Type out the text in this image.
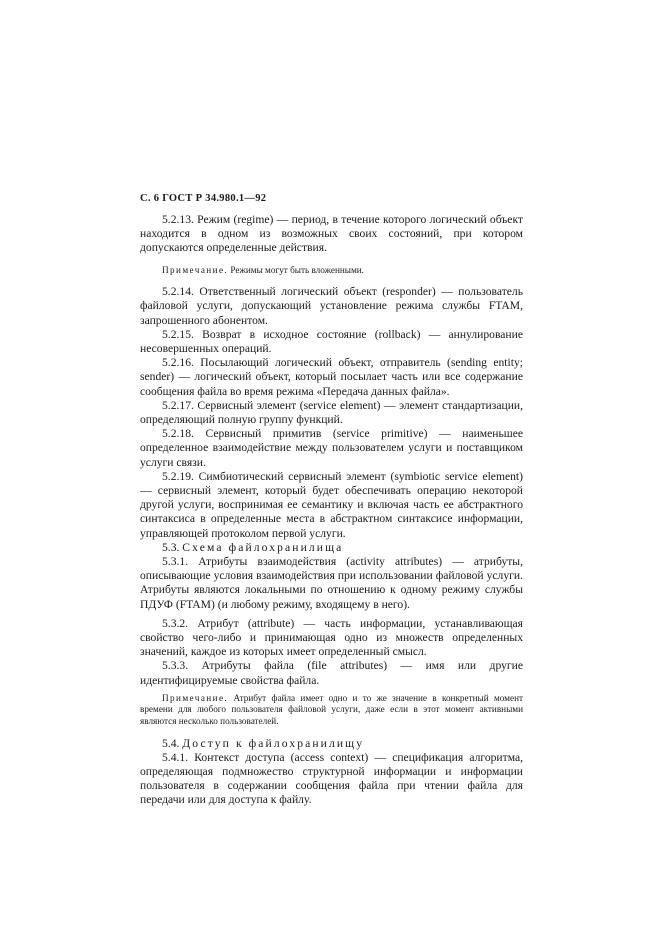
С. 6 ГОСТ Р 34.980.1—92

5.2.13. Режим (regime) — период, в течение которого логический объект находится в одном из возможных своих состояний, при котором допускаются определенные действия.

Примечание. Режимы могут быть вложенными.

5.2.14. Ответственный логический объект (responder) — пользователь файловой услуги, допускающий установление режима службы FTAM, запрошенного абонентом.

5.2.15. Возврат в исходное состояние (rollback) — аннулирование несовершенных операций.

5.2.16. Посылающий логический объект, отправитель (sending entity; sender) — логический объект, который посылает часть или все содержание сообщения файла во время режима «Передача данных файла».

5.2.17. Сервисный элемент (service element) — элемент стандартизации, определяющий полную группу функций.

5.2.18. Сервисный примитив (service primitive) — наименьшее определенное взаимодействие между пользователем услуги и поставщиком услуги связи.

5.2.19. Симбиотический сервисный элемент (symbiotic service element) — сервисный элемент, который будет обеспечивать операцию некоторой другой услуги, воспринимая ее семантику и включая часть ее абстрактного синтаксиса в определенные места в абстрактном синтаксисе информации, управляющей протоколом первой услуги.

5.3. Схема файлохранилища

5.3.1. Атрибуты взаимодействия (activity attributes) — атрибуты, описывающие условия взаимодействия при использовании файловой услуги. Атрибуты являются локальными по отношению к одному режиму службы ПДУФ (FTAM) (и любому режиму, входящему в него).

5.3.2. Атрибут (attribute) — часть информации, устанавливающая свойство чего-либо и принимающая одно из множеств определенных значений, каждое из которых имеет определенный смысл.

5.3.3. Атрибуты файла (file attributes) — имя или другие идентифицируемые свойства файла.

Примечание. Атрибут файла имеет одно и то же значение в конкретный момент времени для любого пользователя файловой услуги, даже если в этот момент активными являются несколько пользователей.

5.4. Доступ к файлохранилищу

5.4.1. Контекст доступа (access context) — спецификация алгоритма, определяющая подмножество структурной информации и информации пользователя в содержании сообщения файла при чтении файла для передачи или для доступа к файлу.
